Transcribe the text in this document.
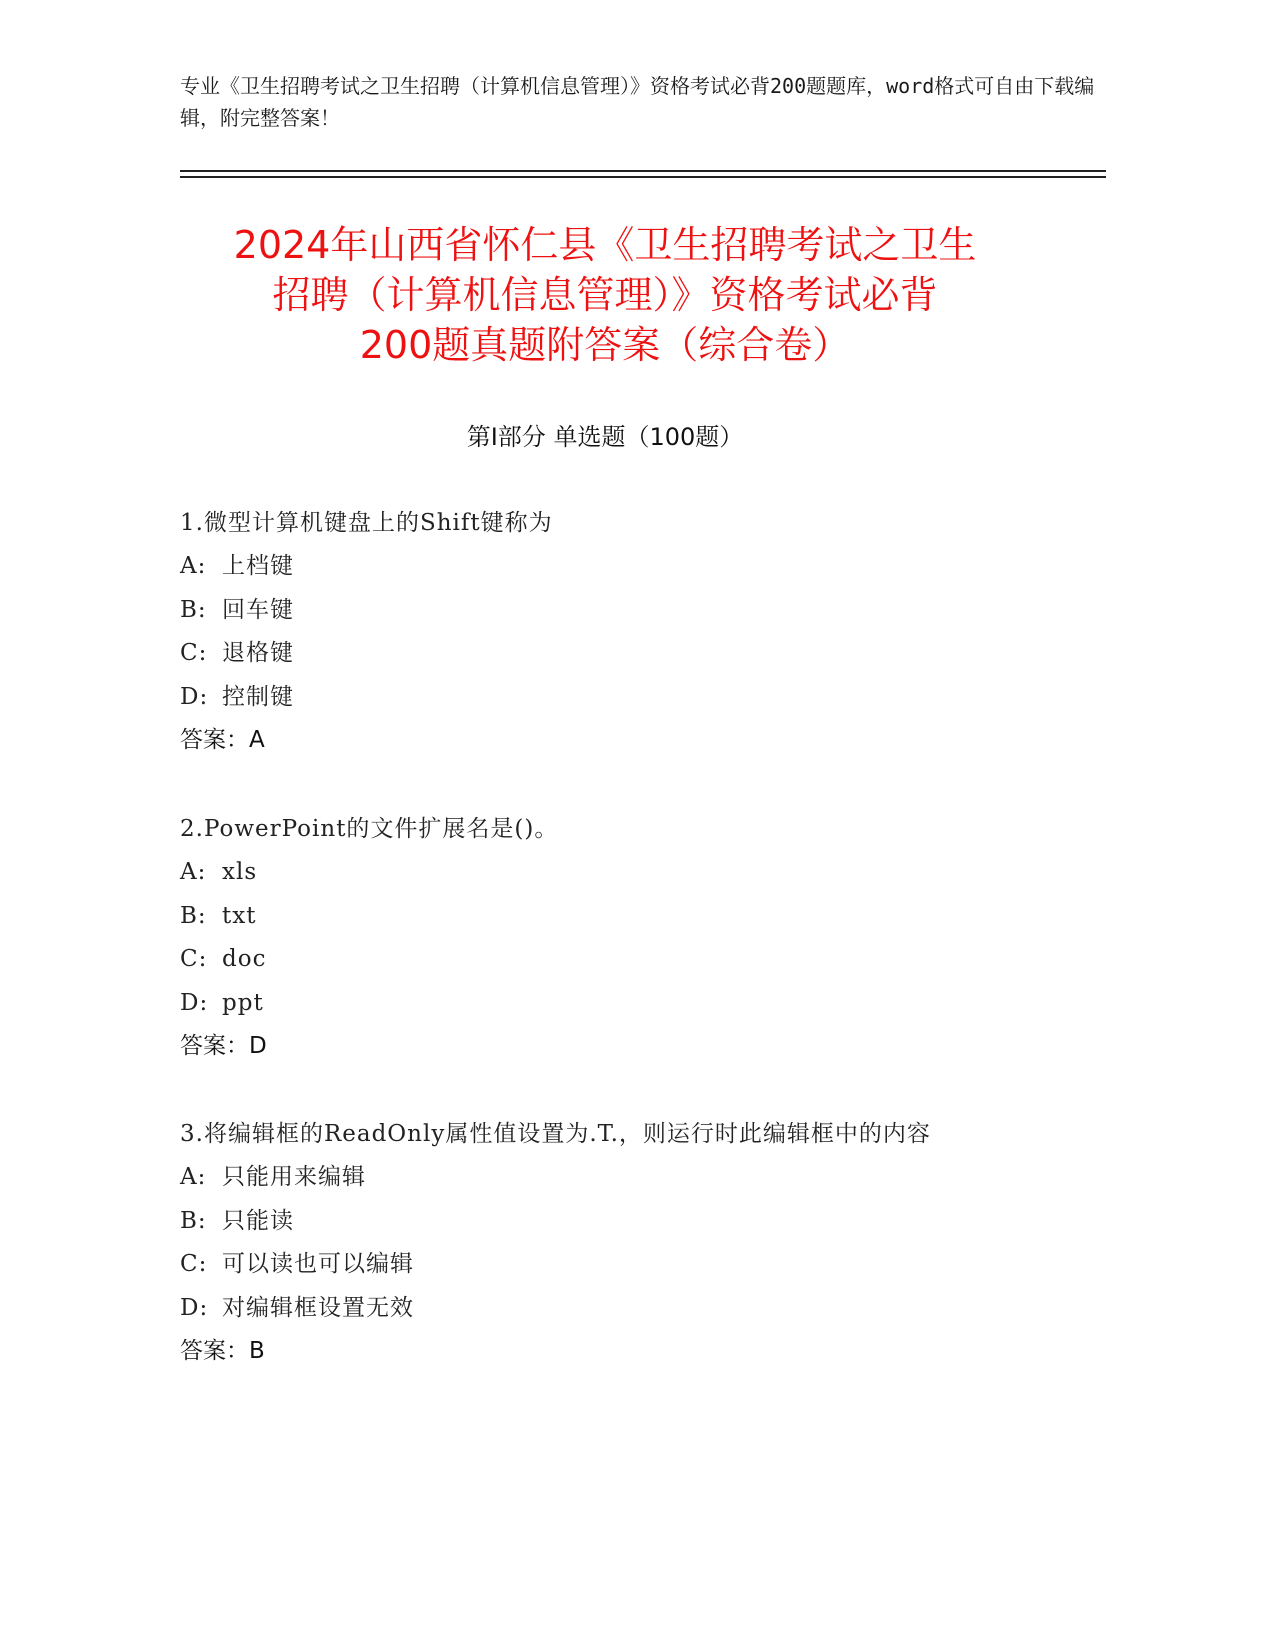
专业《卫生招聘考试之卫生招聘（计算机信息管理）》资格考试必背200题题库，word格式可自由下载编辑，附完整答案！
2024年山西省怀仁县《卫生招聘考试之卫生
招聘（计算机信息管理）》资格考试必背
200题真题附答案（综合卷）
第Ⅰ部分 单选题（100题）
1.微型计算机键盘上的Shift键称为
A: 上档键
B: 回车键
C: 退格键
D: 控制键
答案：A
2.PowerPoint的文件扩展名是()。
A: xls
B: txt
C: doc
D: ppt
答案：D
3.将编辑框的ReadOnly属性值设置为.T.，则运行时此编辑框中的内容
A: 只能用来编辑
B: 只能读
C: 可以读也可以编辑
D: 对编辑框设置无效
答案：B
